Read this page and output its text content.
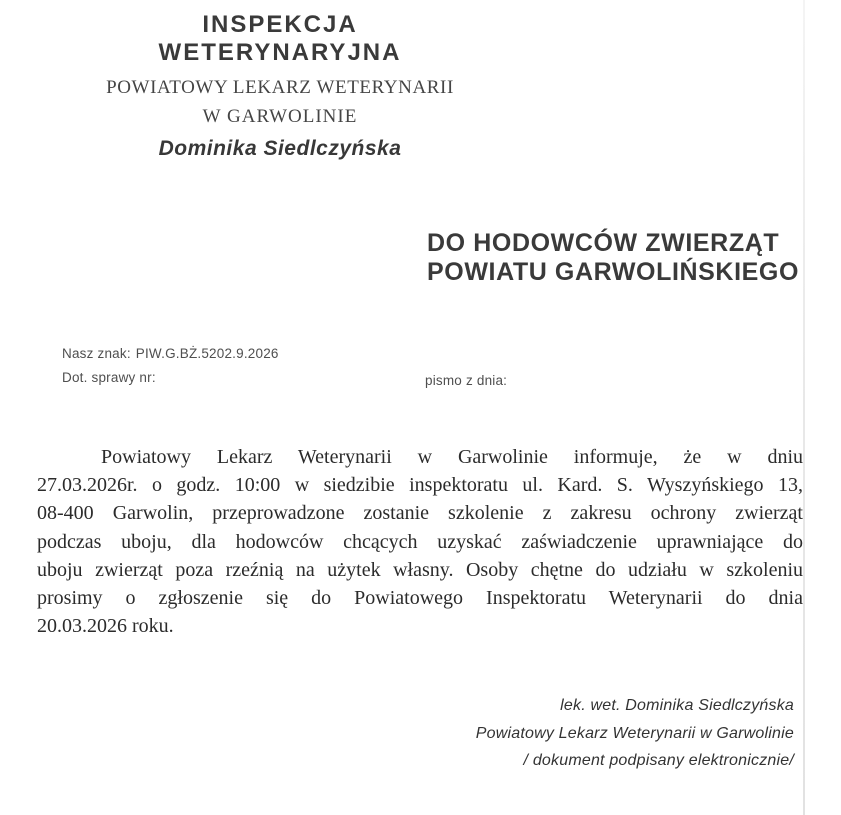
INSPEKCJA WETERYNARYJNA
POWIATOWY LEKARZ WETERYNARII
W GARWOLINIE
Dominika Siedlczyńska
DO HODOWCÓW ZWIERZĄT
POWIATU GARWOLIŃSKIEGO
Nasz znak: PIW.G.BŻ.5202.9.2026
Dot. sprawy nr:	pismo z dnia:
Powiatowy Lekarz Weterynarii w Garwolinie informuje, że w dniu
27.03.2026r. o godz. 10:00 w siedzibie inspektoratu ul. Kard. S. Wyszyńskiego 13,
08-400 Garwolin, przeprowadzone zostanie szkolenie z zakresu ochrony zwierząt
podczas uboju, dla hodowców chcących uzyskać zaświadczenie uprawniające do
uboju zwierząt poza rzeźnią na użytek własny. Osoby chętne do udziału w szkoleniu
prosimy o zgłoszenie się do Powiatowego Inspektoratu Weterynarii do dnia
20.03.2026 roku.
lek. wet. Dominika Siedlczyńska
Powiatowy Lekarz Weterynarii w Garwolinie
/ dokument podpisany elektronicznie/
